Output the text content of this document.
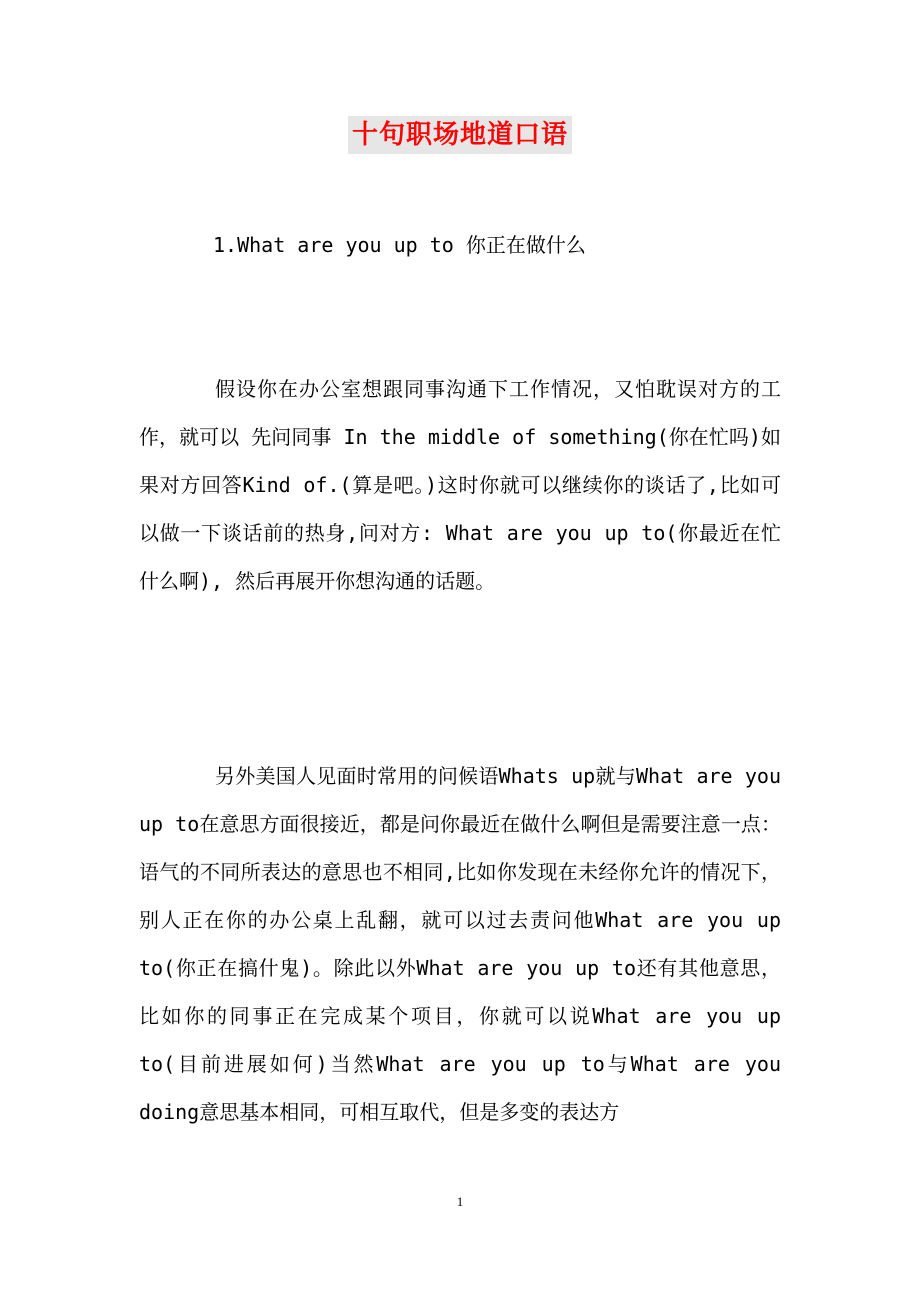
十句职场地道口语
1.What are you up to 你正在做什么

假设你在办公室想跟同事沟通下工作情况，又怕耽误对方的工作，就可以 先问同事 In the middle of something(你在忙吗)如果对方回答Kind of.(算是吧。)这时你就可以继续你的谈话了,比如可以做一下谈话前的热身,问对方: What are you up to(你最近在忙什么啊), 然后再展开你想沟通的话题。

另外美国人见面时常用的问候语Whats up就与What are you up to在意思方面很接近，都是问你最近在做什么啊但是需要注意一点：语气的不同所表达的意思也不相同,比如你发现在未经你允许的情况下，别人正在你的办公桌上乱翻，就可以过去责问他What are you up to(你正在搞什鬼)。除此以外What are you up to还有其他意思，比如你的同事正在完成某个项目，你就可以说What are you up to(目前进展如何)当然What are you up to与What are you doing意思基本相同，可相互取代，但是多变的表达方

1
